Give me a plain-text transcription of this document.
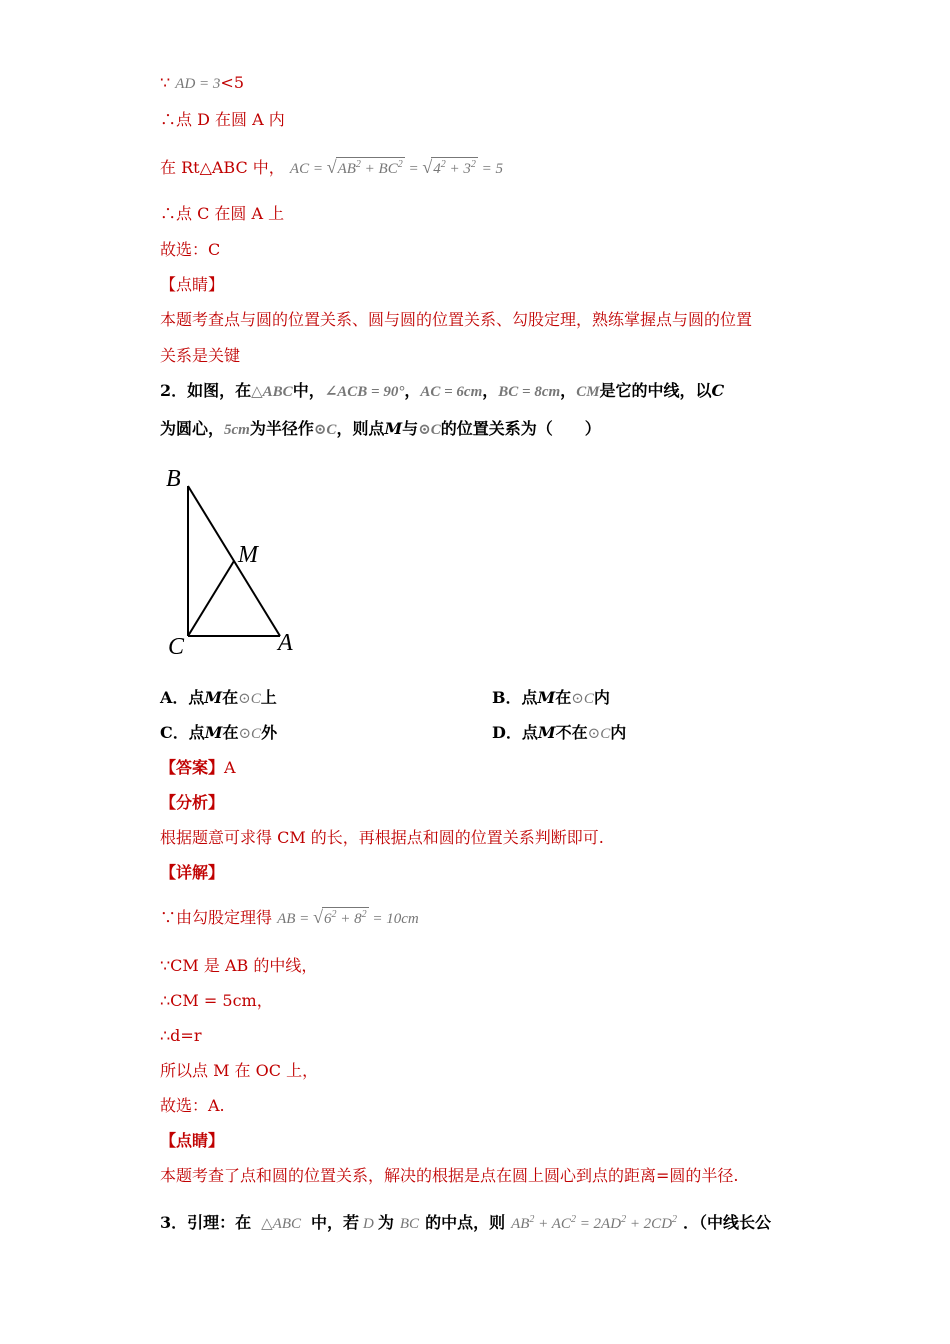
∵ AD = 3<5
∴点 D 在圆 A 内
在 Rt△ABC 中， AC = $√AB^2 + BC^2 = √4^2 + 3^2 = 5$
∴点 C 在圆 A 上
故选：C
【点睛】
本题考查点与圆的位置关系、圆与圆的位置关系、勾股定理，熟练掌握点与圆的位置
关系是关键
2．如图，在△ABC中，∠ACB = 90°，AC = 6cm，BC = 8cm，CM是它的中线，以C
为圆心，5cm为半径作⊙C，则点M与⊙C的位置关系为（　　）
B
M
C	A
A．点M在⊙C上	B．点M在⊙C内
C．点M在⊙C外	D．点M不在⊙C内
【答案】A
【分析】
根据题意可求得 CM 的长，再根据点和圆的位置关系判断即可.
【详解】
∵由勾股定理得 AB = $√6^2 + 8^2 = 10cm$
∵CM 是 AB 的中线，
∴CM = 5cm，
∴d=r
所以点 M 在 OC 上，
故选：A.
【点睛】
本题考查了点和圆的位置关系，解决的根据是点在圆上圆心到点的距离=圆的半径.
3．引理：在 △ABC 中，若 D 为 BC 的中点，则 $AB^2 + AC^2 = 2AD^2 + 2CD^2$ ．（中线长公
